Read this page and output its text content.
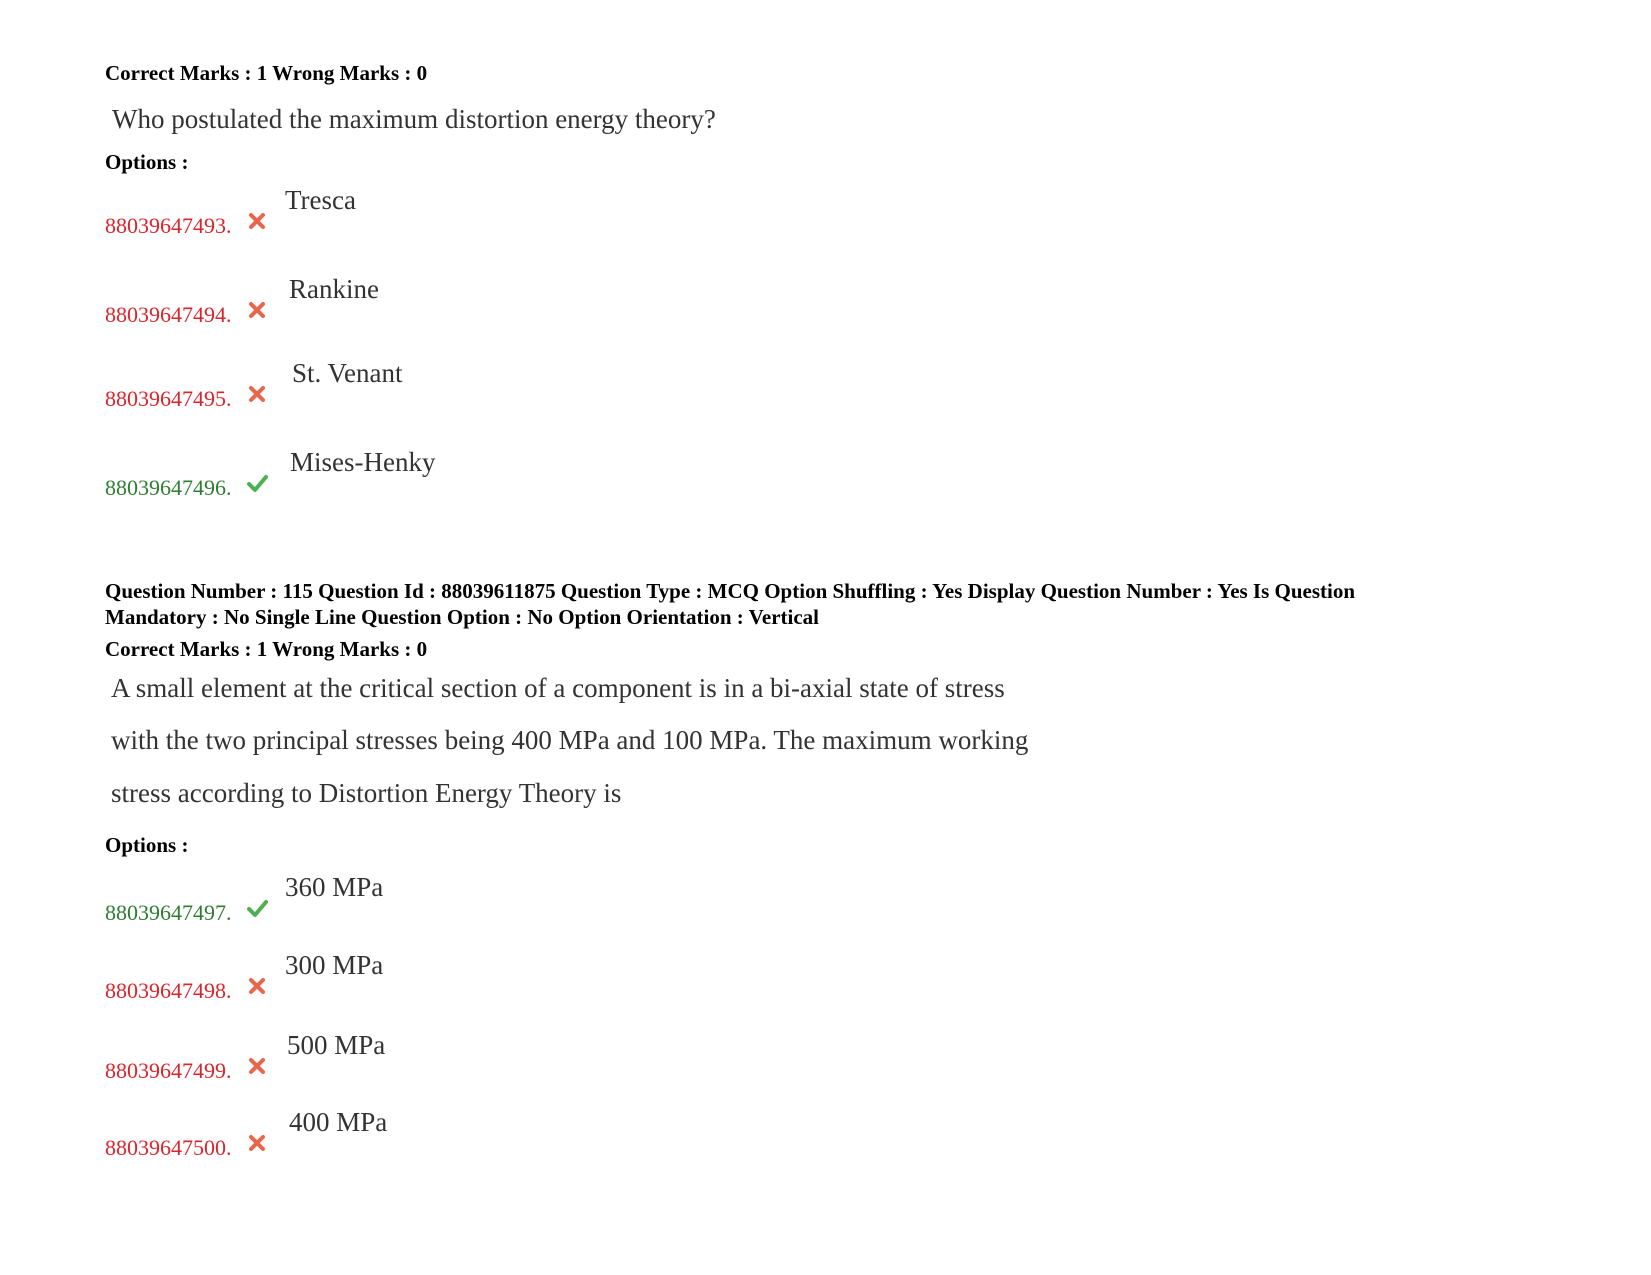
Correct Marks : 1 Wrong Marks : 0
Who postulated the maximum distortion energy theory?
Options :
88039647493.
Tresca
88039647494.
Rankine
88039647495.
St. Venant
88039647496.
Mises-Henky
Question Number : 115 Question Id : 88039611875 Question Type : MCQ Option Shuffling : Yes Display Question Number : Yes Is Question
Mandatory : No Single Line Question Option : No Option Orientation : Vertical
Correct Marks : 1 Wrong Marks : 0
A small element at the critical section of a component is in a bi-axial state of stress
with the two principal stresses being 400 MPa and 100 MPa. The maximum working
stress according to Distortion Energy Theory is
Options :
88039647497.
360 MPa
88039647498.
300 MPa
88039647499.
500 MPa
88039647500.
400 MPa
